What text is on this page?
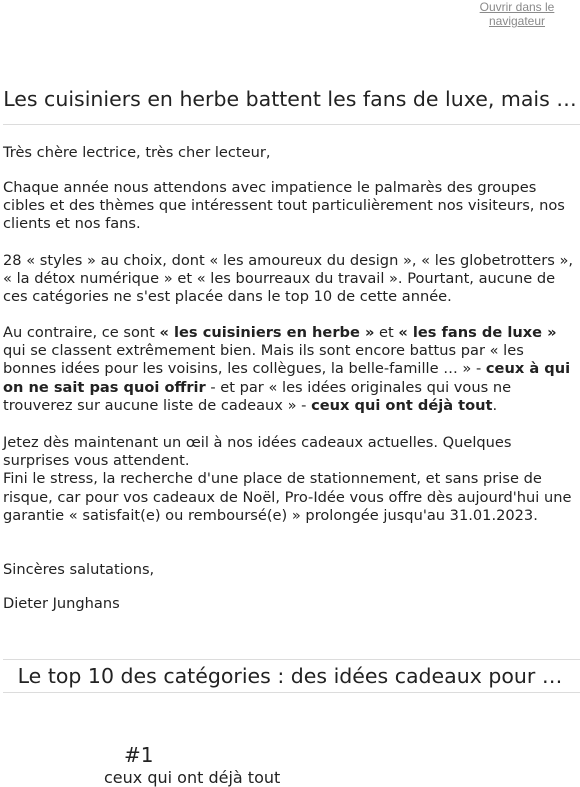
Ouvrir dans le navigateur
Les cuisiniers en herbe battent les fans de luxe, mais …

Très chère lectrice, très cher lecteur,

Chaque année nous attendons avec impatience le palmarès des groupes cibles et des thèmes que intéressent tout particulièrement nos visiteurs, nos clients et nos fans.

28 « styles » au choix, dont « les amoureux du design », « les globetrotters », « la détox numérique » et « les bourreaux du travail ». Pourtant, aucune de ces catégories ne s'est placée dans le top 10 de cette année.

Au contraire, ce sont « les cuisiniers en herbe » et « les fans de luxe » qui se classent extrêmement bien. Mais ils sont encore battus par « les bonnes idées pour les voisins, les collègues, la belle-famille … » - ceux à qui on ne sait pas quoi offrir - et par « les idées originales qui vous ne trouverez sur aucune liste de cadeaux » - ceux qui ont déjà tout.

Jetez dès maintenant un œil à nos idées cadeaux actuelles. Quelques surprises vous attendent.

Fini le stress, la recherche d'une place de stationnement, et sans prise de risque, car pour vos cadeaux de Noël, Pro-Idée vous offre dès aujourd'hui une garantie « satisfait(e) ou remboursé(e) » prolongée jusqu'au 31.01.2023.

Sincères salutations,

Dieter Junghans

Le top 10 des catégories : des idées cadeaux pour …
#1
ceux qui ont déjà tout
